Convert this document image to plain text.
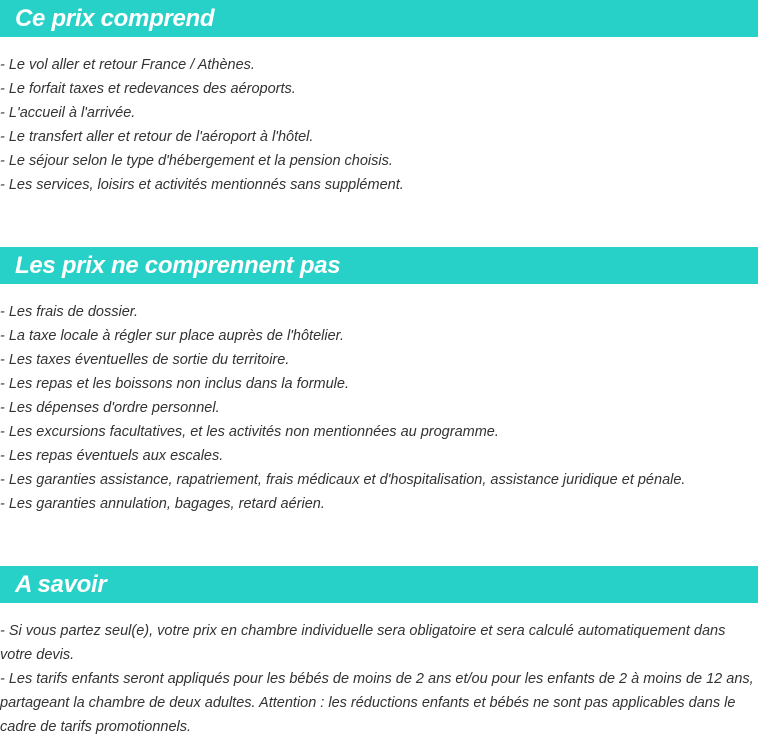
Ce prix comprend
- Le vol aller et retour France / Athènes.
- Le forfait taxes et redevances des aéroports.
- L'accueil à l'arrivée.
- Le transfert aller et retour de l'aéroport à l'hôtel.
- Le séjour selon le type d'hébergement et la pension choisis.
- Les services, loisirs et activités mentionnés sans supplément.
Les prix ne comprennent pas
- Les frais de dossier.
- La taxe locale à régler sur place auprès de l'hôtelier.
- Les taxes éventuelles de sortie du territoire.
- Les repas et les boissons non inclus dans la formule.
- Les dépenses d'ordre personnel.
- Les excursions facultatives, et les activités non mentionnées au programme.
- Les repas éventuels aux escales.
- Les garanties assistance, rapatriement, frais médicaux et d'hospitalisation, assistance juridique et pénale.
- Les garanties annulation, bagages, retard aérien.
A savoir
- Si vous partez seul(e), votre prix en chambre individuelle sera obligatoire et sera calculé automatiquement dans votre devis.
- Les tarifs enfants seront appliqués pour les bébés de moins de 2 ans et/ou pour les enfants de 2 à moins de 12 ans, partageant la chambre de deux adultes. Attention : les réductions enfants et bébés ne sont pas applicables dans le cadre de tarifs promotionnels.
